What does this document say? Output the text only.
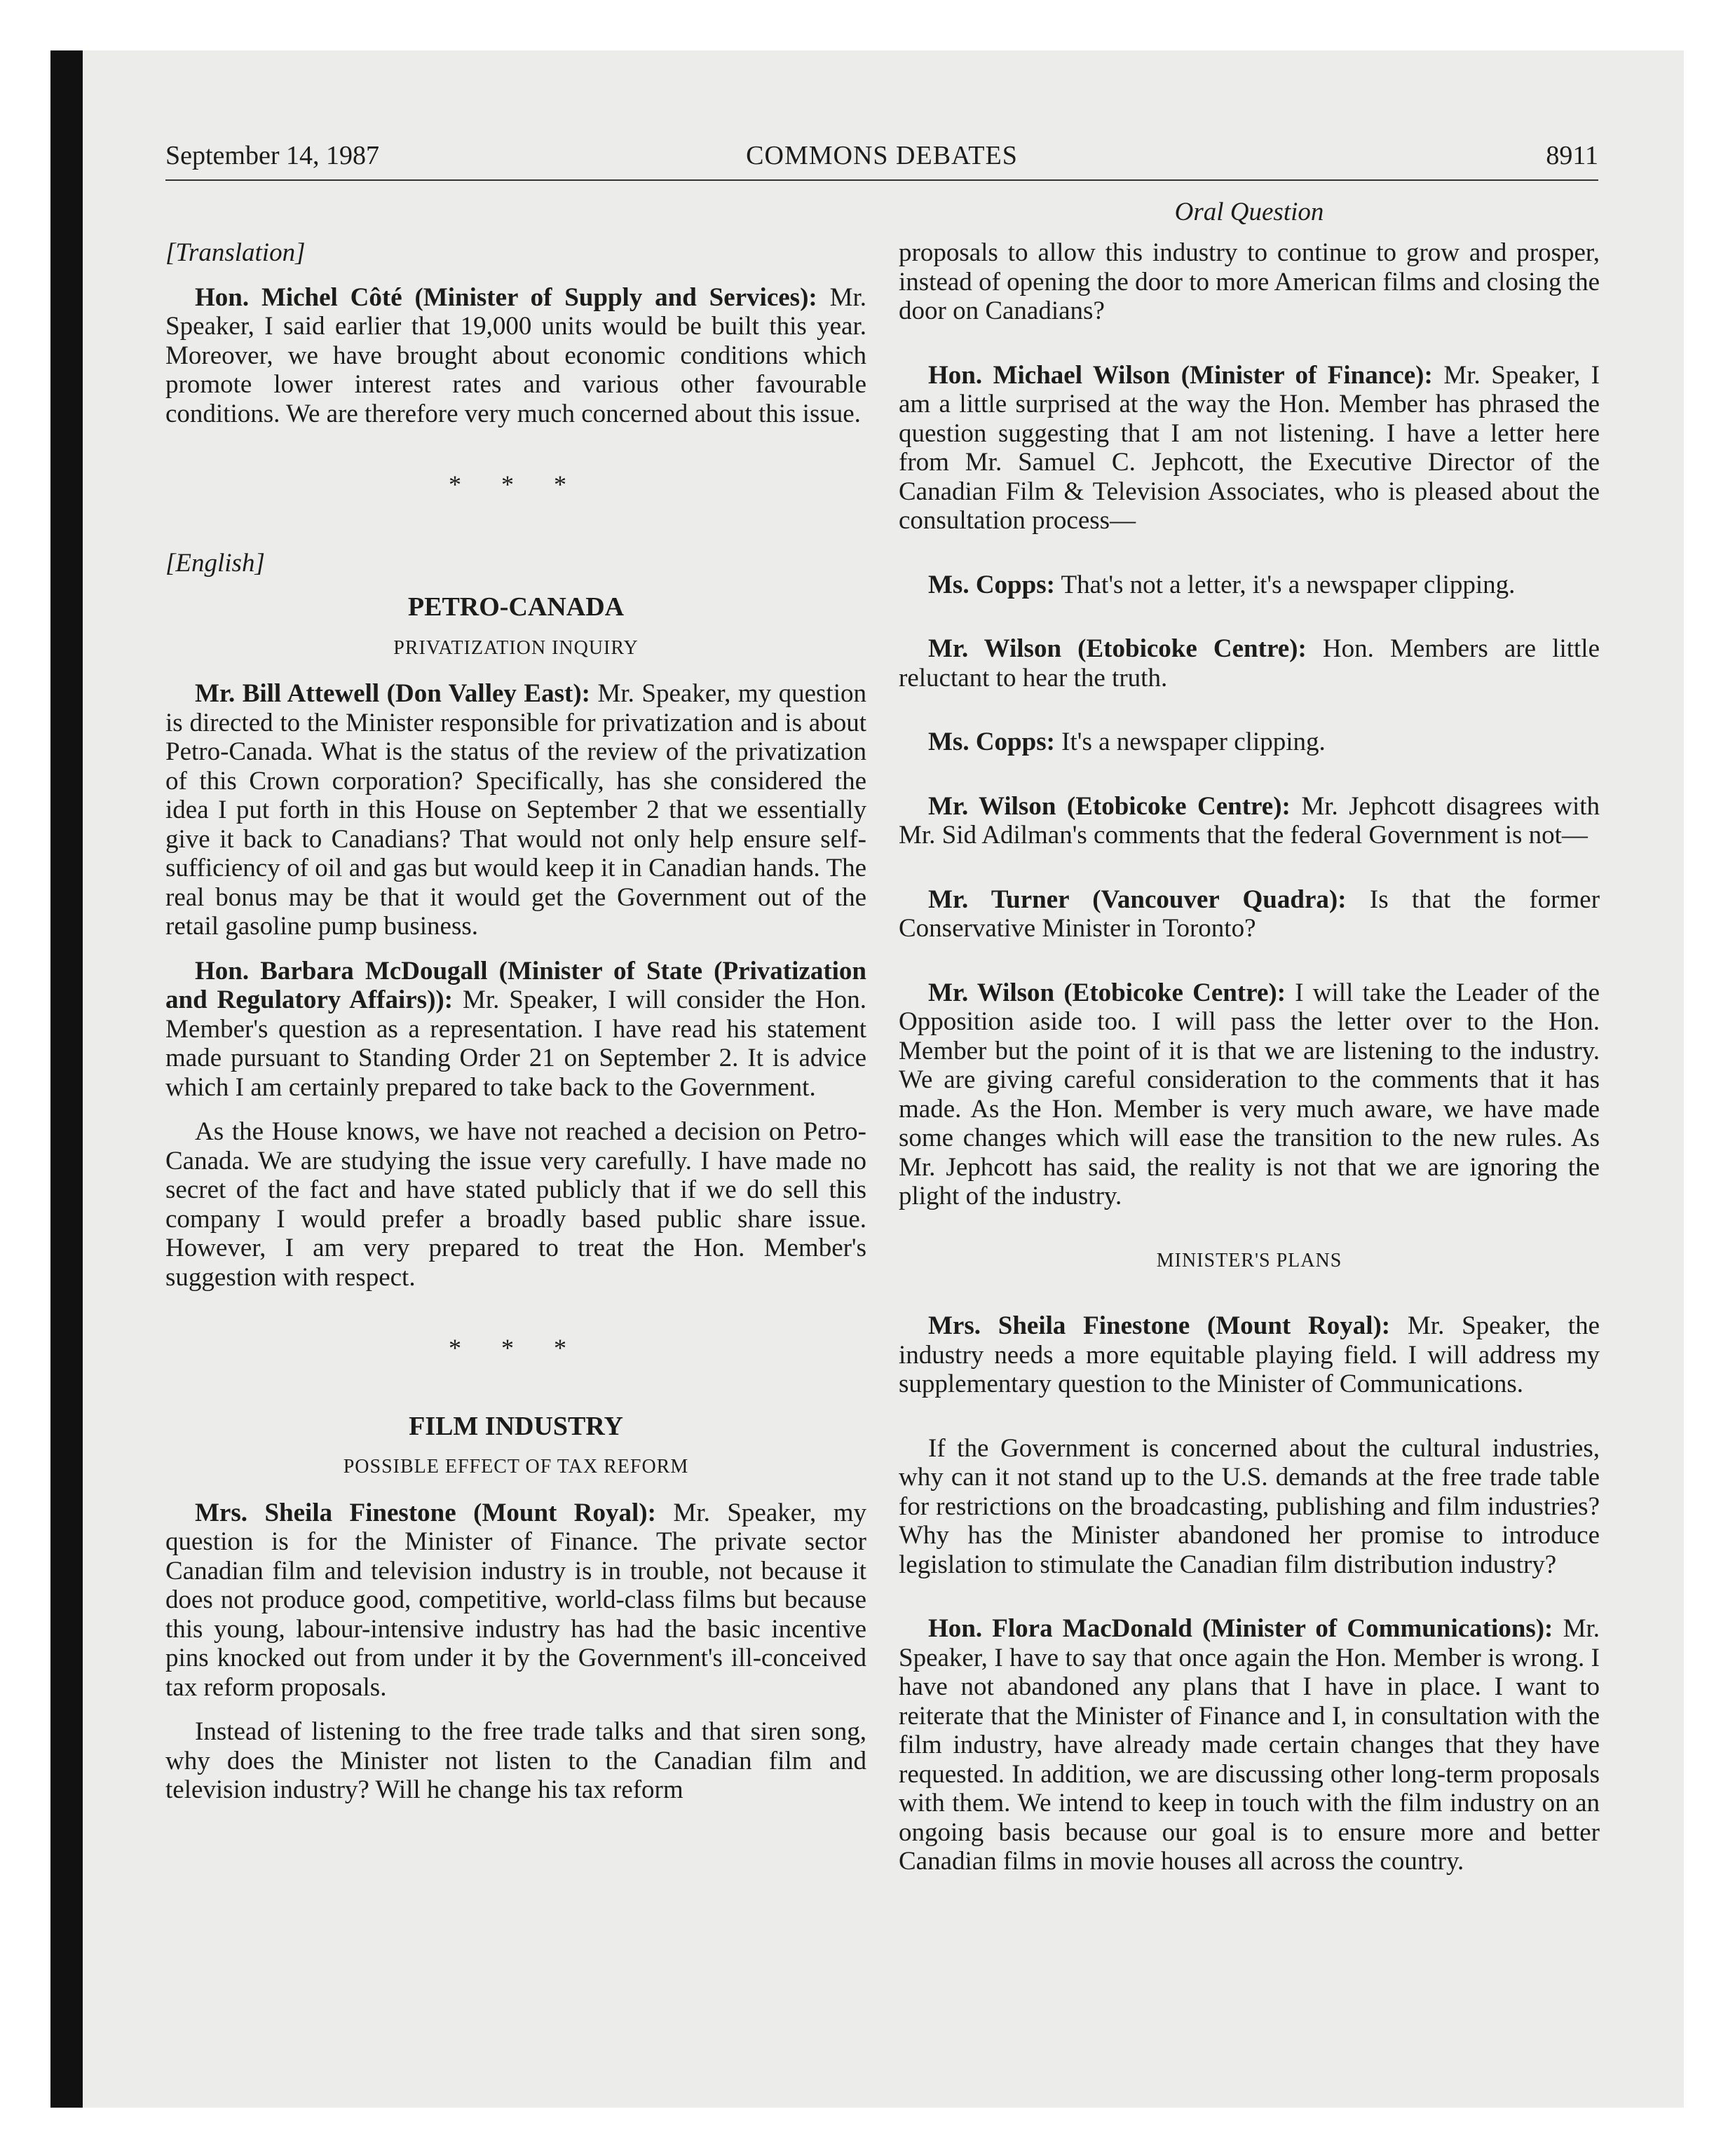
September 14, 1987	COMMONS DEBATES	8911
[Translation]

Hon. Michel Côté (Minister of Supply and Services): Mr. Speaker, I said earlier that 19,000 units would be built this year. Moreover, we have brought about economic conditions which promote lower interest rates and various other favourable conditions. We are therefore very much concerned about this issue.

* * *
[English]
PETRO-CANADA
PRIVATIZATION INQUIRY

Mr. Bill Attewell (Don Valley East): Mr. Speaker, my question is directed to the Minister responsible for privatization and is about Petro-Canada. What is the status of the review of the privatization of this Crown corporation? Specifically, has she considered the idea I put forth in this House on September 2 that we essentially give it back to Canadians? That would not only help ensure self-sufficiency of oil and gas but would keep it in Canadian hands. The real bonus may be that it would get the Government out of the retail gasoline pump business.

Hon. Barbara McDougall (Minister of State (Privatization and Regulatory Affairs)): Mr. Speaker, I will consider the Hon. Member's question as a representation. I have read his statement made pursuant to Standing Order 21 on September 2. It is advice which I am certainly prepared to take back to the Government.

As the House knows, we have not reached a decision on Petro-Canada. We are studying the issue very carefully. I have made no secret of the fact and have stated publicly that if we do sell this company I would prefer a broadly based public share issue. However, I am very prepared to treat the Hon. Member's suggestion with respect.

* * *
FILM INDUSTRY
POSSIBLE EFFECT OF TAX REFORM

Mrs. Sheila Finestone (Mount Royal): Mr. Speaker, my question is for the Minister of Finance. The private sector Canadian film and television industry is in trouble, not because it does not produce good, competitive, world-class films but because this young, labour-intensive industry has had the basic incentive pins knocked out from under it by the Government's ill-conceived tax reform proposals.

Instead of listening to the free trade talks and that siren song, why does the Minister not listen to the Canadian film and television industry? Will he change his tax reform

Oral Question

proposals to allow this industry to continue to grow and prosper, instead of opening the door to more American films and closing the door on Canadians?

Hon. Michael Wilson (Minister of Finance): Mr. Speaker, I am a little surprised at the way the Hon. Member has phrased the question suggesting that I am not listening. I have a letter here from Mr. Samuel C. Jephcott, the Executive Director of the Canadian Film & Television Associates, who is pleased about the consultation process—

Ms. Copps: That's not a letter, it's a newspaper clipping.

Mr. Wilson (Etobicoke Centre): Hon. Members are little reluctant to hear the truth.

Ms. Copps: It's a newspaper clipping.

Mr. Wilson (Etobicoke Centre): Mr. Jephcott disagrees with Mr. Sid Adilman's comments that the federal Government is not—

Mr. Turner (Vancouver Quadra): Is that the former Conservative Minister in Toronto?

Mr. Wilson (Etobicoke Centre): I will take the Leader of the Opposition aside too. I will pass the letter over to the Hon. Member but the point of it is that we are listening to the industry. We are giving careful consideration to the comments that it has made. As the Hon. Member is very much aware, we have made some changes which will ease the transition to the new rules. As Mr. Jephcott has said, the reality is not that we are ignoring the plight of the industry.

MINISTER'S PLANS

Mrs. Sheila Finestone (Mount Royal): Mr. Speaker, the industry needs a more equitable playing field. I will address my supplementary question to the Minister of Communications.

If the Government is concerned about the cultural industries, why can it not stand up to the U.S. demands at the free trade table for restrictions on the broadcasting, publishing and film industries? Why has the Minister abandoned her promise to introduce legislation to stimulate the Canadian film distribution industry?

Hon. Flora MacDonald (Minister of Communications): Mr. Speaker, I have to say that once again the Hon. Member is wrong. I have not abandoned any plans that I have in place. I want to reiterate that the Minister of Finance and I, in consultation with the film industry, have already made certain changes that they have requested. In addition, we are discussing other long-term proposals with them. We intend to keep in touch with the film industry on an ongoing basis because our goal is to ensure more and better Canadian films in movie houses all across the country.
